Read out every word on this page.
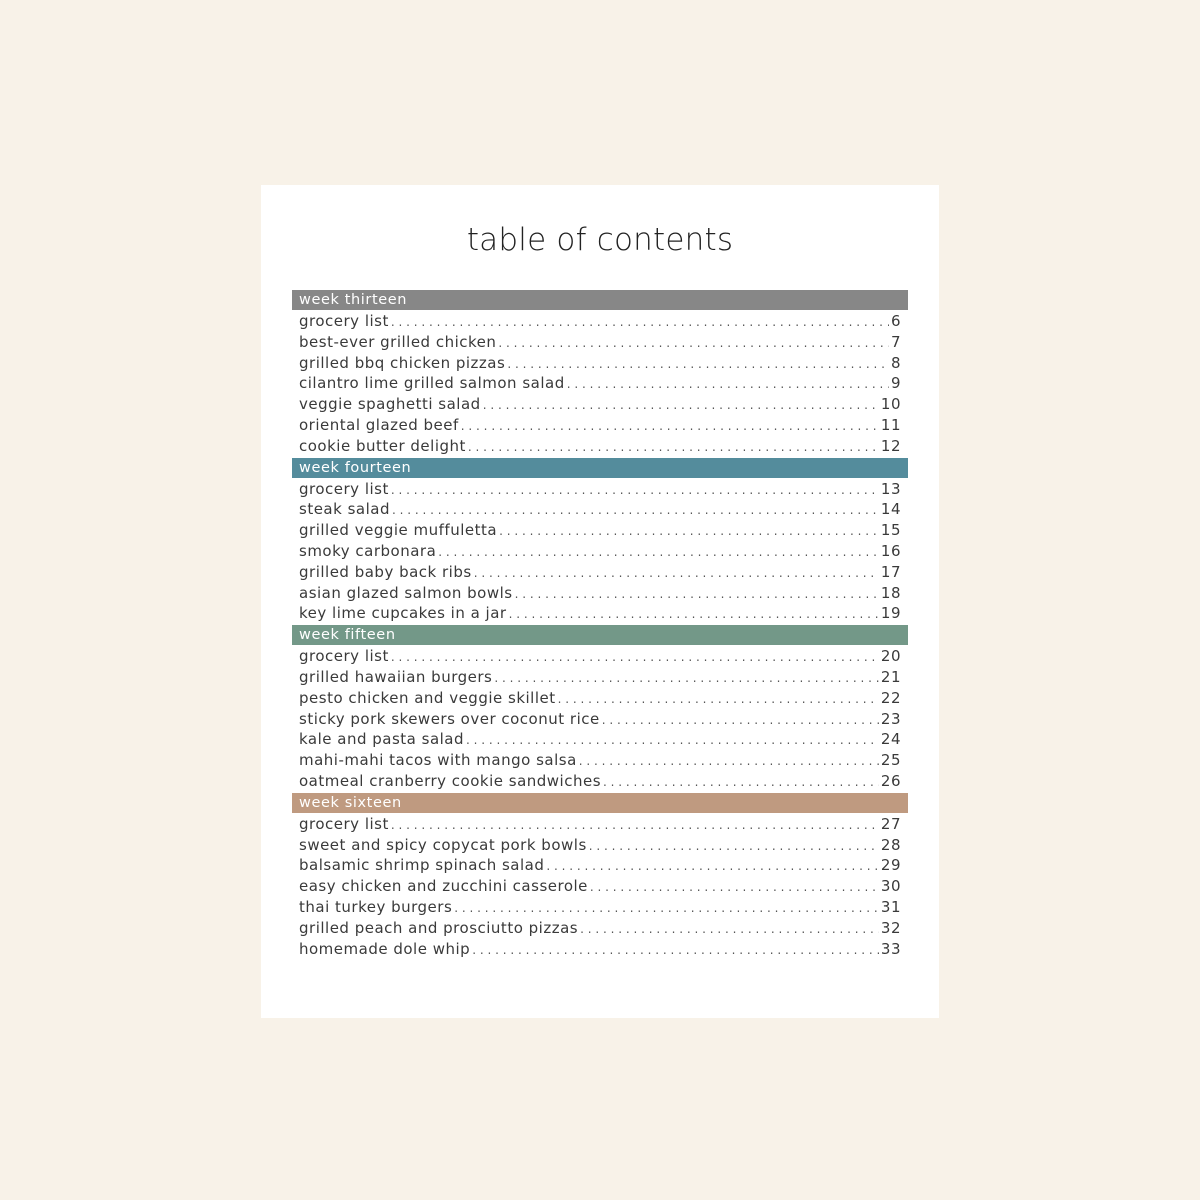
table of contents
week thirteen
grocery list . . .	6
best-ever grilled chicken . . .	7
grilled bbq chicken pizzas . . .	8
cilantro lime grilled salmon salad . . .	9
veggie spaghetti salad . . .	10
oriental glazed beef . . .	11
cookie butter delight . . .	12
week fourteen
grocery list . . .	13
steak salad . . .	14
grilled veggie muffuletta . . .	15
smoky carbonara . . .	16
grilled baby back ribs . . .	17
asian glazed salmon bowls . . .	18
key lime cupcakes in a jar . . .	19
week fifteen
grocery list . . .	20
grilled hawaiian burgers . . .	21
pesto chicken and veggie skillet . . .	22
sticky pork skewers over coconut rice . . .	23
kale and pasta salad . . .	24
mahi-mahi tacos with mango salsa . . .	25
oatmeal cranberry cookie sandwiches . . .	26
week sixteen
grocery list . . .	27
sweet and spicy copycat pork bowls . . .	28
balsamic shrimp spinach salad . . .	29
easy chicken and zucchini casserole . . .	30
thai turkey burgers . . .	31
grilled peach and prosciutto pizzas . . .	32
homemade dole whip . . .	33
